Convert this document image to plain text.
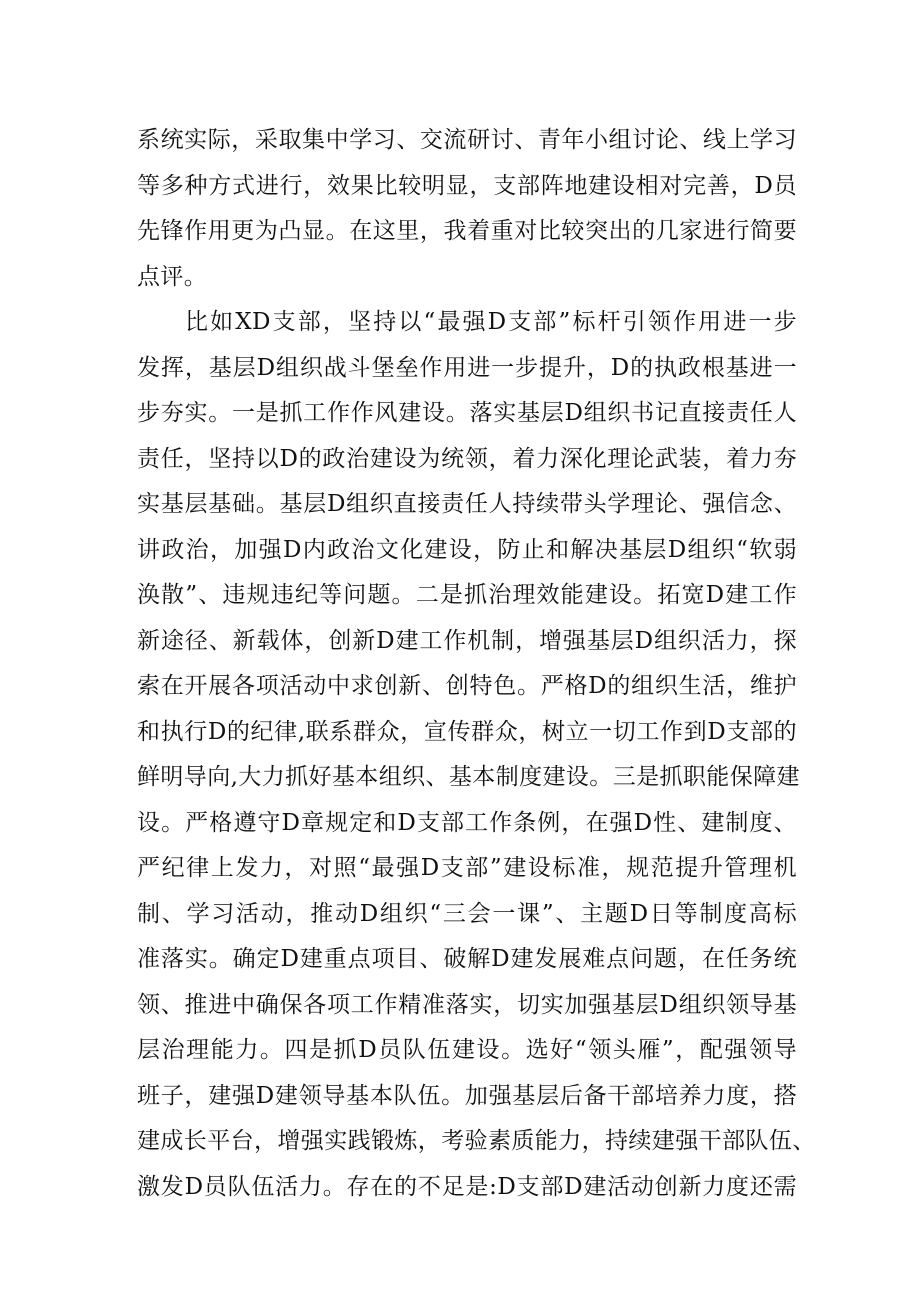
系统实际，采取集中学习、交流研讨、青年小组讨论、线上学习
等多种方式进行，效果比较明显，支部阵地建设相对完善，D员
先锋作用更为凸显。在这里，我着重对比较突出的几家进行简要
点评。
比如XD支部，坚持以“最强D支部”标杆引领作用进一步
发挥，基层D组织战斗堡垒作用进一步提升，D的执政根基进一
步夯实。一是抓工作作风建设。落实基层D组织书记直接责任人
责任，坚持以D的政治建设为统领，着力深化理论武装，着力夯
实基层基础。基层D组织直接责任人持续带头学理论、强信念、
讲政治，加强D内政治文化建设，防止和解决基层D组织“软弱
涣散”、违规违纪等问题。二是抓治理效能建设。拓宽D建工作
新途径、新载体，创新D建工作机制，增强基层D组织活力，探
索在开展各项活动中求创新、创特色。严格D的组织生活，维护
和执行D的纪律,联系群众，宣传群众，树立一切工作到D支部的
鲜明导向,大力抓好基本组织、基本制度建设。三是抓职能保障建
设。严格遵守D章规定和D支部工作条例，在强D性、建制度、
严纪律上发力，对照“最强D支部”建设标准，规范提升管理机
制、学习活动，推动D组织“三会一课”、主题D日等制度高标
准落实。确定D建重点项目、破解D建发展难点问题，在任务统
领、推进中确保各项工作精准落实，切实加强基层D组织领导基
层治理能力。四是抓D员队伍建设。选好“领头雁”，配强领导
班子，建强D建领导基本队伍。加强基层后备干部培养力度，搭
建成长平台，增强实践锻炼，考验素质能力，持续建强干部队伍、
激发D员队伍活力。存在的不足是:D支部D建活动创新力度还需
